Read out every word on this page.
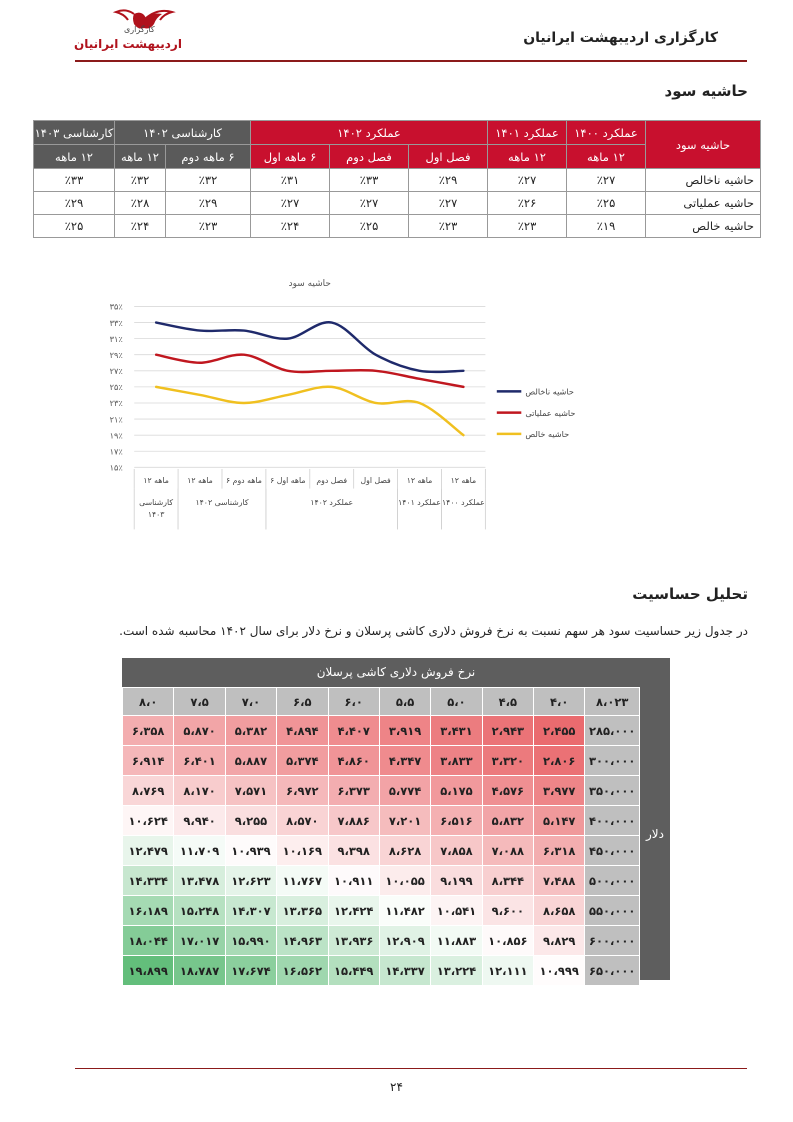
کارگزاری
اردیبهشت ایرانیان	کارگزاری اردیبهشت ایرانیان
حاشیه سود
حاشیه سود	عملکرد ۱۴۰۰	عملکرد ۱۴۰۱	عملکرد ۱۴۰۲			کارشناسی ۱۴۰۲		کارشناسی ۱۴۰۳
	۱۲ ماهه	۱۲ ماهه	فصل اول	فصل دوم	۶ ماهه اول	۶ ماهه دوم	۱۲ ماهه	۱۲ ماهه
حاشیه ناخالص	٪۲۷	٪۲۷	٪۲۹	٪۳۳	٪۳۱	٪۳۲	٪۳۲	٪۳۳
حاشیه عملیاتی	٪۲۵	٪۲۶	٪۲۷	٪۲۷	٪۲۷	٪۲۹	٪۲۸	٪۲۹
حاشیه خالص	٪۱۹	٪۲۳	٪۲۳	٪۲۵	٪۲۴	٪۲۳	٪۲۴	٪۲۵
حاشیه سود
۱۵٪
۱۷٪
۱۹٪
۲۱٪
۲۳٪
۲۵٪
۲۷٪
۲۹٪
۳۱٪
۳۳٪
۳۵٪
۱۲ ماهه
۱۲ ماهه
فصل اول
فصل دوم
۶ ماهه اول
۶ ماهه دوم
۱۲ ماهه
۱۲ ماهه
عملکرد ۱۴۰۰
عملکرد ۱۴۰۱
عملکرد ۱۴۰۲
کارشناسی ۱۴۰۲
کارشناسی ۱۴۰۳
حاشیه ناخالص
حاشیه عملیاتی
حاشیه خالص
تحلیل حساسیت
در جدول زیر حساسیت سود هر سهم نسبت به نرخ فروش دلاری کاشی پرسلان و نرخ دلار برای سال ۱۴۰۲ محاسبه شده است.
نرخ فروش دلاری کاشی پرسلان
دلار
۸،۰۲۳	۴،۰	۴،۵	۵،۰	۵،۵	۶،۰	۶،۵	۷،۰	۷،۵	۸،۰
۲۸۵،۰۰۰	۲،۴۵۵	۲،۹۴۳	۳،۴۳۱	۳،۹۱۹	۴،۴۰۷	۴،۸۹۴	۵،۳۸۲	۵،۸۷۰	۶،۳۵۸
۳۰۰،۰۰۰	۲،۸۰۶	۳،۳۲۰	۳،۸۳۳	۴،۳۴۷	۴،۸۶۰	۵،۳۷۴	۵،۸۸۷	۶،۴۰۱	۶،۹۱۴
۳۵۰،۰۰۰	۳،۹۷۷	۴،۵۷۶	۵،۱۷۵	۵،۷۷۴	۶،۳۷۳	۶،۹۷۲	۷،۵۷۱	۸،۱۷۰	۸،۷۶۹
۴۰۰،۰۰۰	۵،۱۴۷	۵،۸۳۲	۶،۵۱۶	۷،۲۰۱	۷،۸۸۶	۸،۵۷۰	۹،۲۵۵	۹،۹۴۰	۱۰،۶۲۴
۴۵۰،۰۰۰	۶،۳۱۸	۷،۰۸۸	۷،۸۵۸	۸،۶۲۸	۹،۳۹۸	۱۰،۱۶۹	۱۰،۹۳۹	۱۱،۷۰۹	۱۲،۴۷۹
۵۰۰،۰۰۰	۷،۴۸۸	۸،۳۴۴	۹،۱۹۹	۱۰،۰۵۵	۱۰،۹۱۱	۱۱،۷۶۷	۱۲،۶۲۳	۱۳،۴۷۸	۱۴،۳۳۴
۵۵۰،۰۰۰	۸،۶۵۸	۹،۶۰۰	۱۰،۵۴۱	۱۱،۴۸۲	۱۲،۴۲۴	۱۳،۳۶۵	۱۴،۳۰۷	۱۵،۲۴۸	۱۶،۱۸۹
۶۰۰،۰۰۰	۹،۸۲۹	۱۰،۸۵۶	۱۱،۸۸۳	۱۲،۹۰۹	۱۳،۹۳۶	۱۴،۹۶۳	۱۵،۹۹۰	۱۷،۰۱۷	۱۸،۰۴۴
۶۵۰،۰۰۰	۱۰،۹۹۹	۱۲،۱۱۱	۱۳،۲۲۴	۱۴،۳۳۷	۱۵،۴۴۹	۱۶،۵۶۲	۱۷،۶۷۴	۱۸،۷۸۷	۱۹،۸۹۹
۲۴
